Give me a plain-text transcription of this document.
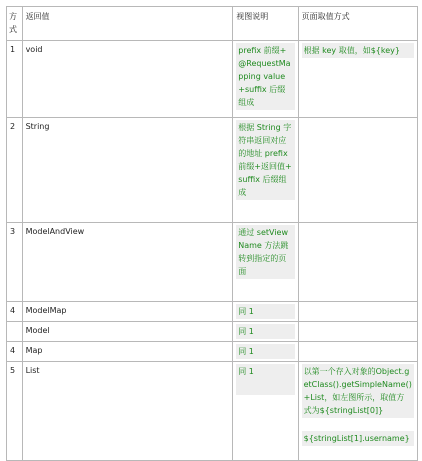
方式	返回值	视图说明	页面取值方式
1	void	prefix 前缀+@RequestMapping value +suffix 后缀组成	根据 key 取值，如${key}

2	String	根据 String 字符串返回对应的地址 prefix 前缀+返回值+suffix 后缀组成	

3	ModelAndView	通过 setViewName 方法跳转到指定的页面	

4	ModelMap	同 1	

	Model	同 1	

4	Map	同 1	

5	List	同 1	以第一个存入对象的Object.getClass().getSimpleName()+List，如左图所示，取值方式为${stringList[0]}
${stringList[1].username}
